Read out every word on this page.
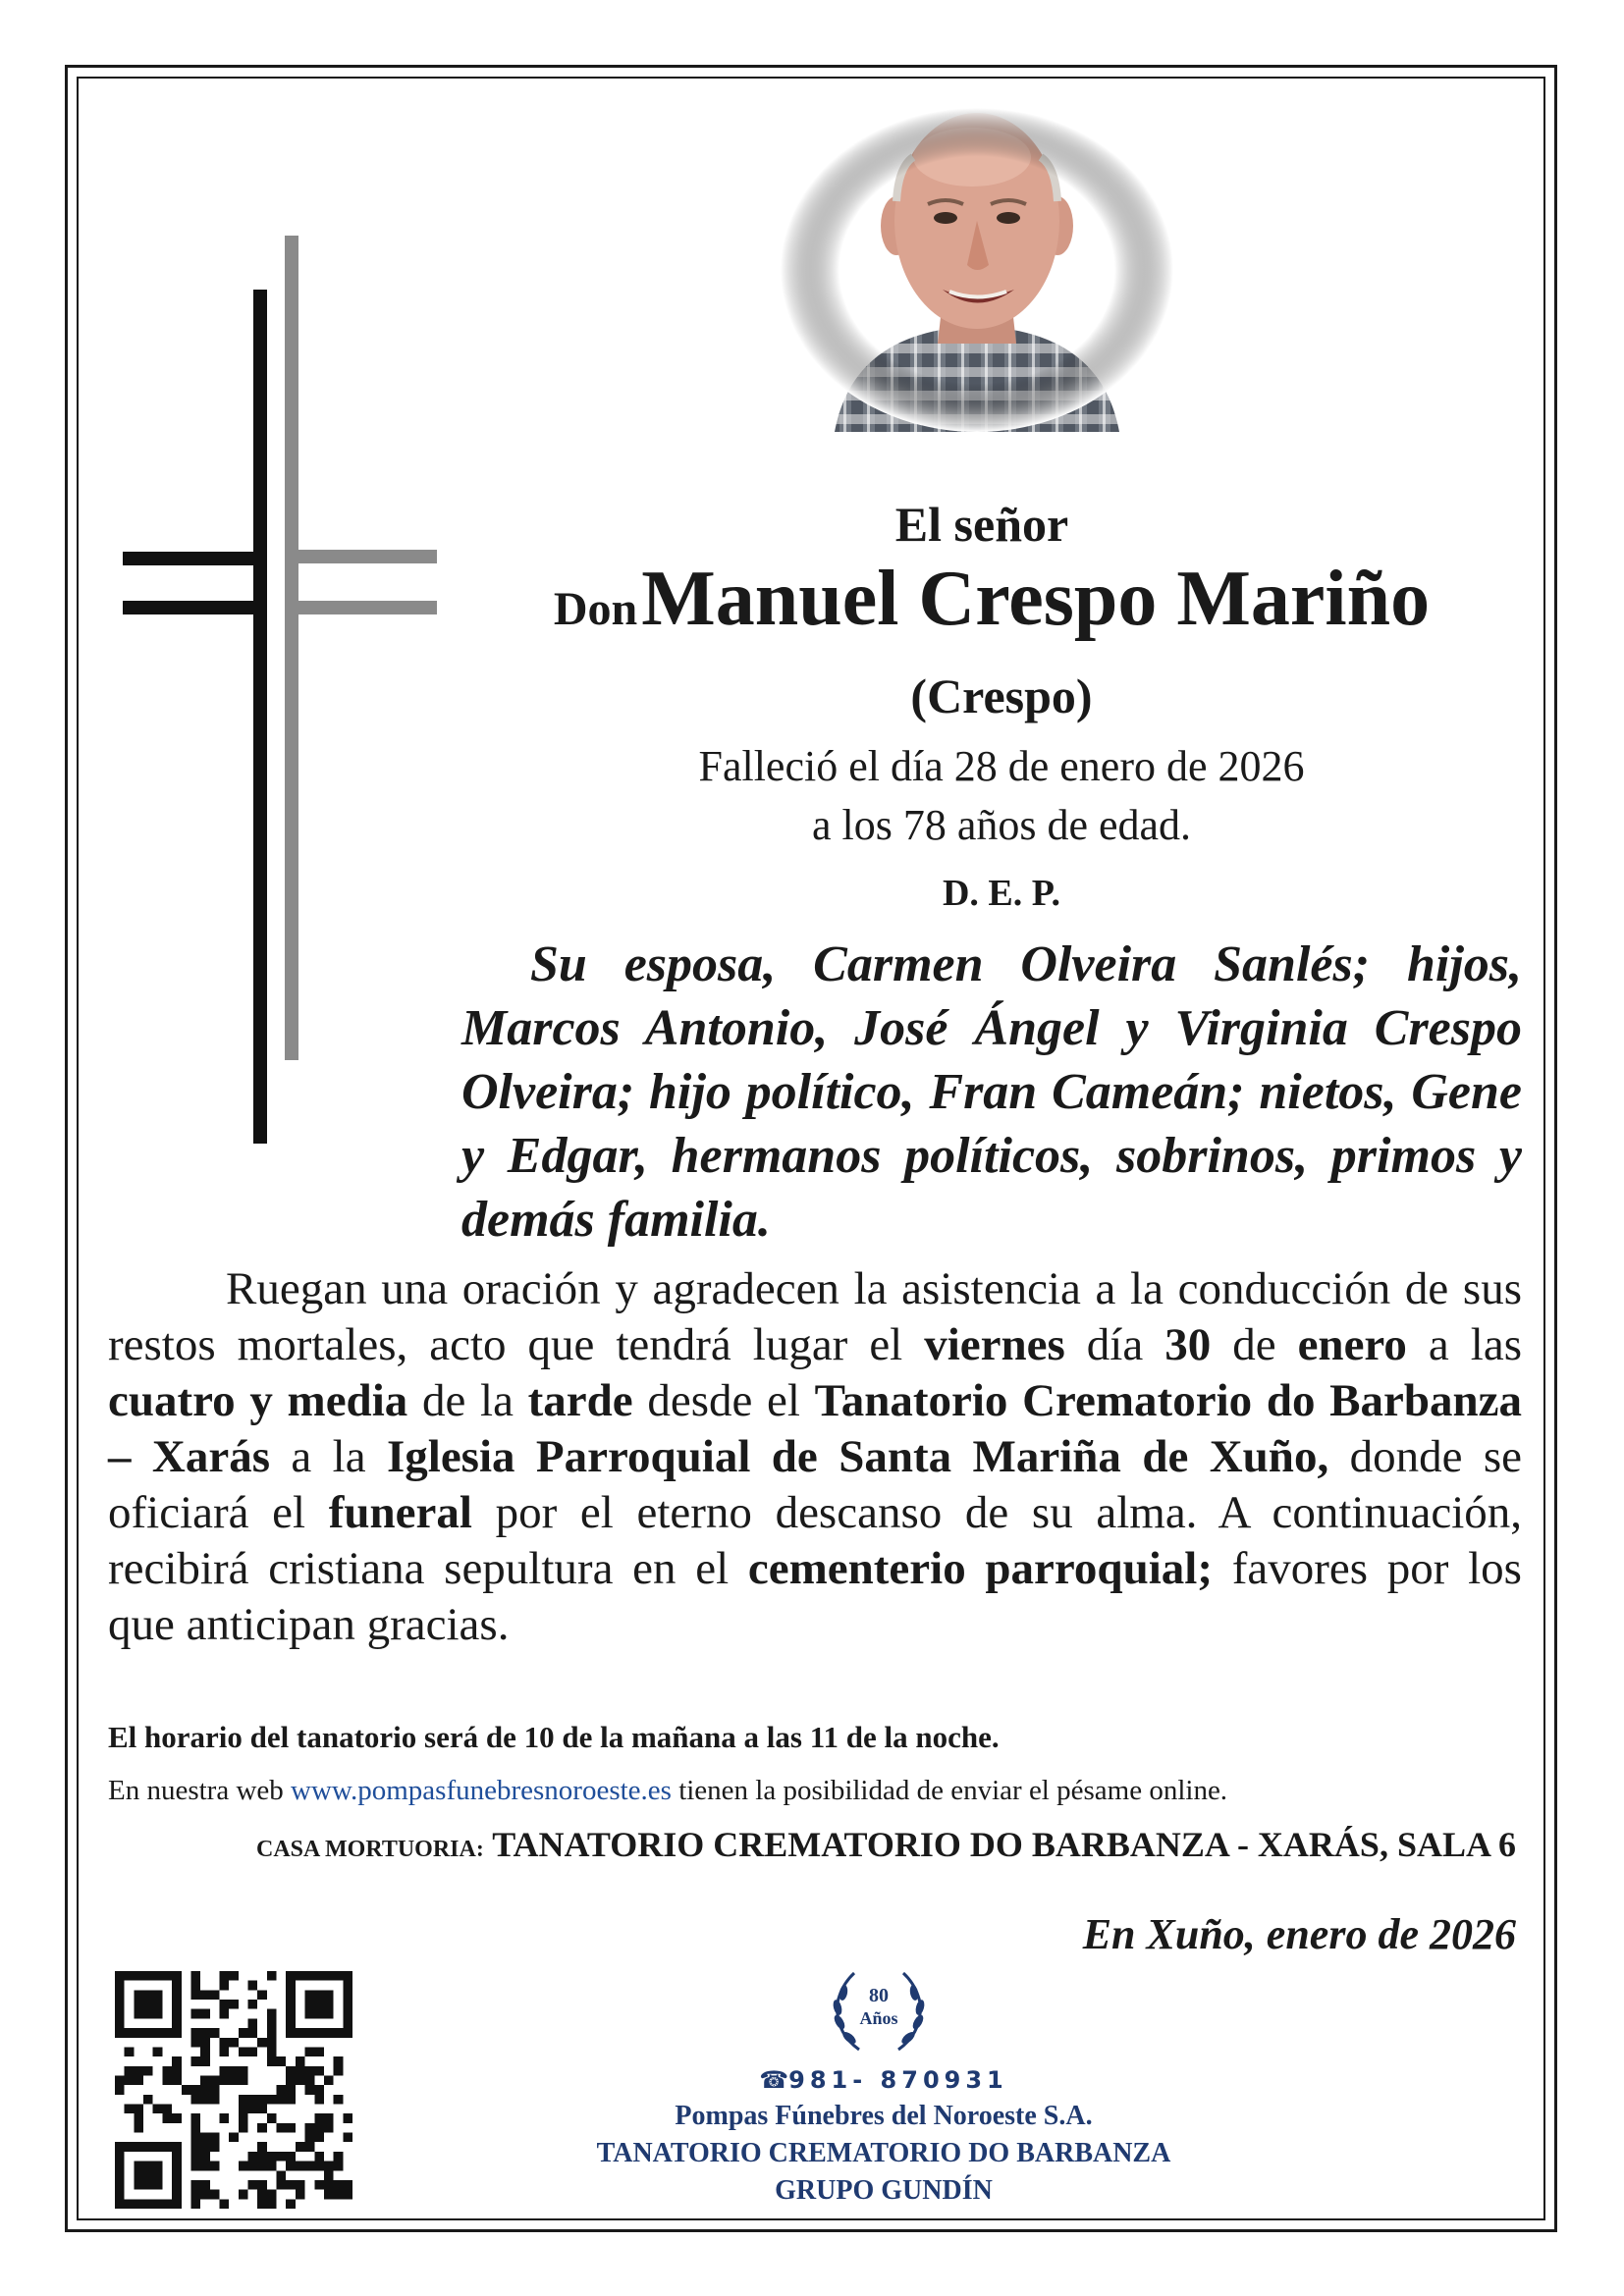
El señor
Don Manuel Crespo Mariño
(Crespo)
Falleció el día 28 de enero de 2026
a los 78 años de edad.
D. E. P.
Su esposa, Carmen Olveira Sanlés; hijos, Marcos Antonio, José Ángel y Virginia Crespo Olveira; hijo político, Fran Cameán; nietos, Gene y Edgar, hermanos políticos, sobrinos, primos y demás familia.
Ruegan una oración y agradecen la asistencia a la conducción de sus restos mortales, acto que tendrá lugar el viernes día 30 de enero a las cuatro y media de la tarde desde el Tanatorio Crematorio do Barbanza – Xarás a la Iglesia Parroquial de Santa Mariña de Xuño, donde se oficiará el funeral por el eterno descanso de su alma. A continuación, recibirá cristiana sepultura en el cementerio parroquial; favores por los que anticipan gracias.
El horario del tanatorio será de 10 de la mañana a las 11 de la noche.
En nuestra web www.pompasfunebresnoroeste.es tienen la posibilidad de enviar el pésame online.
CASA MORTUORIA: TANATORIO CREMATORIO DO BARBANZA - XARÁS, SALA 6
En Xuño, enero de 2026
80
Años
☎981- 870931
Pompas Fúnebres del Noroeste S.A.
TANATORIO CREMATORIO DO BARBANZA
GRUPO GUNDÍN
